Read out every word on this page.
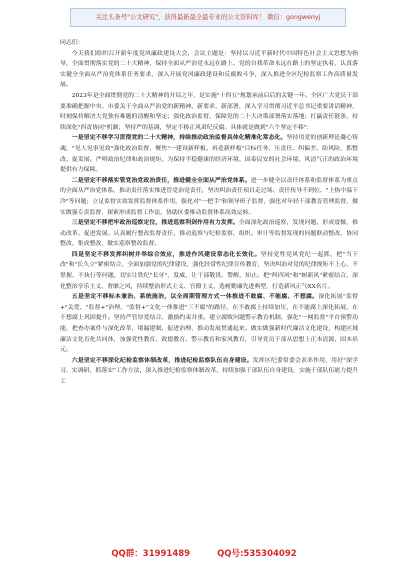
关注头条号"公文研究"，获得最新最全最专业的公文资料库！ 微信：gongwenyj

同志们：

今天我们组织召开新年度党风廉政建设大会，会议主题是：坚持以习近平新时代中国特色社会主义思想为指导，全面贯彻落实党的二十大精神，保持全面从严治党永远在路上、党的自我革命永远在路上的坚定执着，认真落实健全全面从严治党体系任务要求，深入开展党风廉政建设和反腐败斗争，深入推进全区纪检监察工作高质量发展。

2023年是全面贯彻党的二十大精神的开局之年，是实施"十四五"规划承前启后的关键一年。全区广大党员干部要准确把握中央、市委关于全面从严治党的新精神、新要求、新部署，深入学习贯彻习近平总书记重要讲话精神，时刻保持解决大党独有难题的清醒和坚定；强化政治监督，保障党的二十大决策部署落实落地；打赢责任链条，持续深化"四责协同"机制；坚持严的基调，坚定不移正风肃纪反腐。具体就是做到"六个坚定不移"：

一是坚定不移学习贯彻党的二十大精神，持续推动政治监督具体化精准化常态化。坚持用党的创新理论凝心铸魂，"见人见事见效"强化政治监督，聚焦"一建设新样板、再造新样板"目标任务，压责任、纠偏差、防风险、抓整改、促发展。严明政治纪律和政治规矩，为保持平稳健康的经济环境、国泰民安的社会环境、风清气正的政治环境提供有力保障。

二是坚定不移落实管党治党政治责任，推进健全全面从严治党体系。进一步健全以责任体系和监督体系为重点的全面从严治党体系。推动责任落实推进管党治党责任，坚决纠治责任项目走过场、责任传导不到位、"上热中温下冷"等问题；立足监督实效发挥监督体系作用，强化对"一把手"和领导班子监督，强化对年轻干部教育管理监督，做实做强专责监督，探索形成监督工作法，协助区委推动监督体系高效运转。

三是坚定不移把牢政治巡察定位，推进巡察利剑作用有力发挥。全面深化政治巡察，发现问题、形成震慑，推动改革、促进发展。认真履行整改监督责任，推动巡察与纪检监察、组织、审计等监督发现的问题联动整改、协同整改、集成整改，做实巡察整改监督。

四是坚定不移发挥纠树并举综合效应，推进作风建设常态化长效化。坚持党性党风党纪一起抓，把"当下改"和"长久立"紧密结合，全面加强党的纪律建设，强化经常性纪律宣传教育，坚决纠治对党的纪律规矩不上心、不掌握、不执行等问题，切实让铁纪"长牙"、发威，让干部敬畏、警醒、知止。把"纠四风"和"树新风"紧密结合，深化整治享乐主义、奢靡之风，持续整治形式主义、官僚主义，选树勤廉先进典型，打造新风正气XX名片。

五是坚定不移标本兼治、系统施治，以全周期管理方式一体推进不敢腐、不能腐、不想腐。深化拓展"监督+"关爱、"监督+"治理、"监督+"文化一体推进"三不腐"的路径，在不敢腐上持续加压，在不能腐上深化拓展，在不想腐上巩固提升。坚持严管厚爱结合、激励约束并重。建立腐败问题警示教育机制，强化"一网监督"平台预警功能，把查办案件与深化改革、堵漏建制、促进治理、推动发展贯通起来。做实做强新时代廉洁文化建设，构建区域廉洁文化育化共同体，加强党性教育、政德教育、警示教育和家风教育，引导党员干部从思想上正本清源、固本培元。

六是坚定不移深化纪检监察体制改革，推进纪检监察队伍自身建设。发挥区纪委常委会表率作用，用好"深学习、实调研、抓落实"工作方法，深入推进纪检监察体制改革，持续加强干部队伍自身建设，实施干部队伍能力提升工

QQ群：31991489	QQ号:535304092
